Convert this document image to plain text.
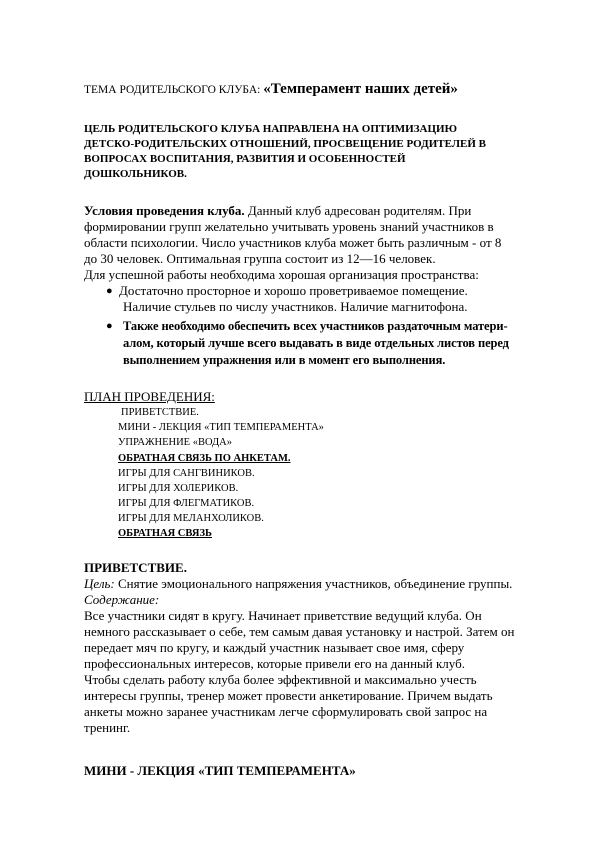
ТЕМА РОДИТЕЛЬСКОГО КЛУБА: «Темперамент наших детей»
ЦЕЛЬ РОДИТЕЛЬСКОГО КЛУБА НАПРАВЛЕНА НА ОПТИМИЗАЦИЮ
ДЕТСКО-РОДИТЕЛЬСКИХ ОТНОШЕНИЙ, ПРОСВЕЩЕНИЕ РОДИТЕЛЕЙ В
ВОПРОСАХ ВОСПИТАНИЯ, РАЗВИТИЯ И ОСОБЕННОСТЕЙ
ДОШКОЛЬНИКОВ.
Условия проведения клуба. Данный клуб адресован родителям. При
формировании групп желательно учитывать уровень знаний участников в
области психологии. Число участников клуба может быть различным - от 8
до 30 человек. Оптимальная группа состоит из 12—16 человек.
Для успешной работы необходима хорошая организация пространства:
● Достаточно просторное и хорошо проветриваемое помещение.
Наличие стульев по числу участников. Наличие магнитофона.
● Также необходимо обеспечить всех участников раздаточным матери-
алом, который лучше всего выдавать в виде отдельных листов перед
выполнением упражнения или в момент его выполнения.
ПЛАН ПРОВЕДЕНИЯ:
ПРИВЕТСТВИЕ.
МИНИ - ЛЕКЦИЯ «ТИП ТЕМПЕРАМЕНТА»
УПРАЖНЕНИЕ «ВОДА»
ОБРАТНАЯ СВЯЗЬ ПО АНКЕТАМ.
ИГРЫ ДЛЯ САНГВИНИКОВ.
ИГРЫ ДЛЯ ХОЛЕРИКОВ.
ИГРЫ ДЛЯ ФЛЕГМАТИКОВ.
ИГРЫ ДЛЯ МЕЛАНХОЛИКОВ.
ОБРАТНАЯ СВЯЗЬ
ПРИВЕТСТВИЕ.
Цель: Снятие эмоционального напряжения участников, объединение группы.
Содержание:
Все участники сидят в кругу. Начинает приветствие ведущий клуба. Он
немного рассказывает о себе, тем самым давая установку и настрой. Затем он
передает мяч по кругу, и каждый участник называет свое имя, сферу
профессиональных интересов, которые привели его на данный клуб.
Чтобы сделать работу клуба более эффективной и максимально учесть
интересы группы, тренер может провести анкетирование. Причем выдать
анкеты можно заранее участникам легче сформулировать свой запрос на
тренинг.
МИНИ - ЛЕКЦИЯ «ТИП ТЕМПЕРАМЕНТА»
